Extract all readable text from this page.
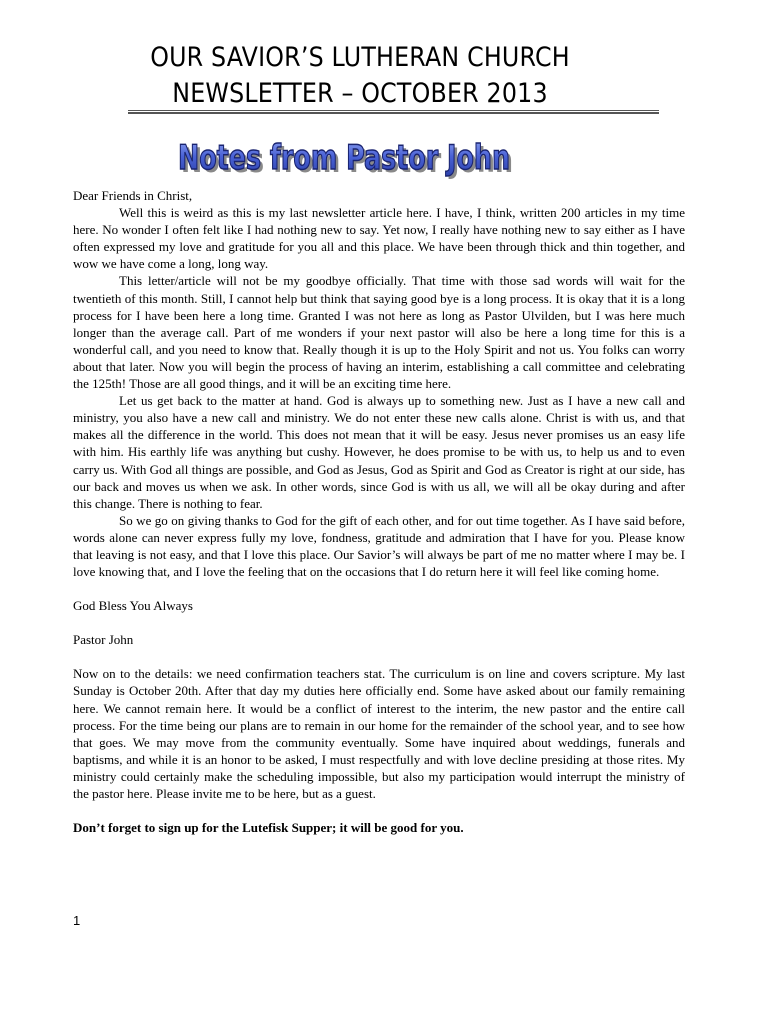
OUR SAVIOR’S LUTHERAN CHURCH
NEWSLETTER – OCTOBER 2013
Notes from Pastor John
Notes from Pastor John

Dear Friends in Christ,

Well this is weird as this is my last newsletter article here. I have, I think, written 200 articles in my time here. No wonder I often felt like I had nothing new to say. Yet now, I really have nothing new to say either as I have often expressed my love and gratitude for you all and this place. We have been through thick and thin together, and wow we have come a long, long way.

This letter/article will not be my goodbye officially. That time with those sad words will wait for the twentieth of this month. Still, I cannot help but think that saying good bye is a long process. It is okay that it is a long process for I have been here a long time. Granted I was not here as long as Pastor Ulvilden, but I was here much longer than the average call. Part of me wonders if your next pastor will also be here a long time for this is a wonderful call, and you need to know that. Really though it is up to the Holy Spirit and not us. You folks can worry about that later. Now you will begin the process of having an interim, establishing a call committee and celebrating the 125th! Those are all good things, and it will be an exciting time here.

Let us get back to the matter at hand. God is always up to something new. Just as I have a new call and ministry, you also have a new call and ministry. We do not enter these new calls alone. Christ is with us, and that makes all the difference in the world. This does not mean that it will be easy. Jesus never promises us an easy life with him. His earthly life was anything but cushy. However, he does promise to be with us, to help us and to even carry us. With God all things are possible, and God as Jesus, God as Spirit and God as Creator is right at our side, has our back and moves us when we ask. In other words, since God is with us all, we will all be okay during and after this change. There is nothing to fear.

So we go on giving thanks to God for the gift of each other, and for out time together. As I have said before, words alone can never express fully my love, fondness, gratitude and admiration that I have for you. Please know that leaving is not easy, and that I love this place. Our Savior’s will always be part of me no matter where I may be. I love knowing that, and I love the feeling that on the occasions that I do return here it will feel like coming home.

God Bless You Always

Pastor John

Now on to the details: we need confirmation teachers stat. The curriculum is on line and covers scripture. My last Sunday is October 20th. After that day my duties here officially end. Some have asked about our family remaining here. We cannot remain here. It would be a conflict of interest to the interim, the new pastor and the entire call process. For the time being our plans are to remain in our home for the remainder of the school year, and to see how that goes. We may move from the community eventually. Some have inquired about weddings, funerals and baptisms, and while it is an honor to be asked, I must respectfully and with love decline presiding at those rites. My ministry could certainly make the scheduling impossible, but also my participation would interrupt the ministry of the pastor here. Please invite me to be here, but as a guest.

Don’t forget to sign up for the Lutefisk Supper; it will be good for you.

1
